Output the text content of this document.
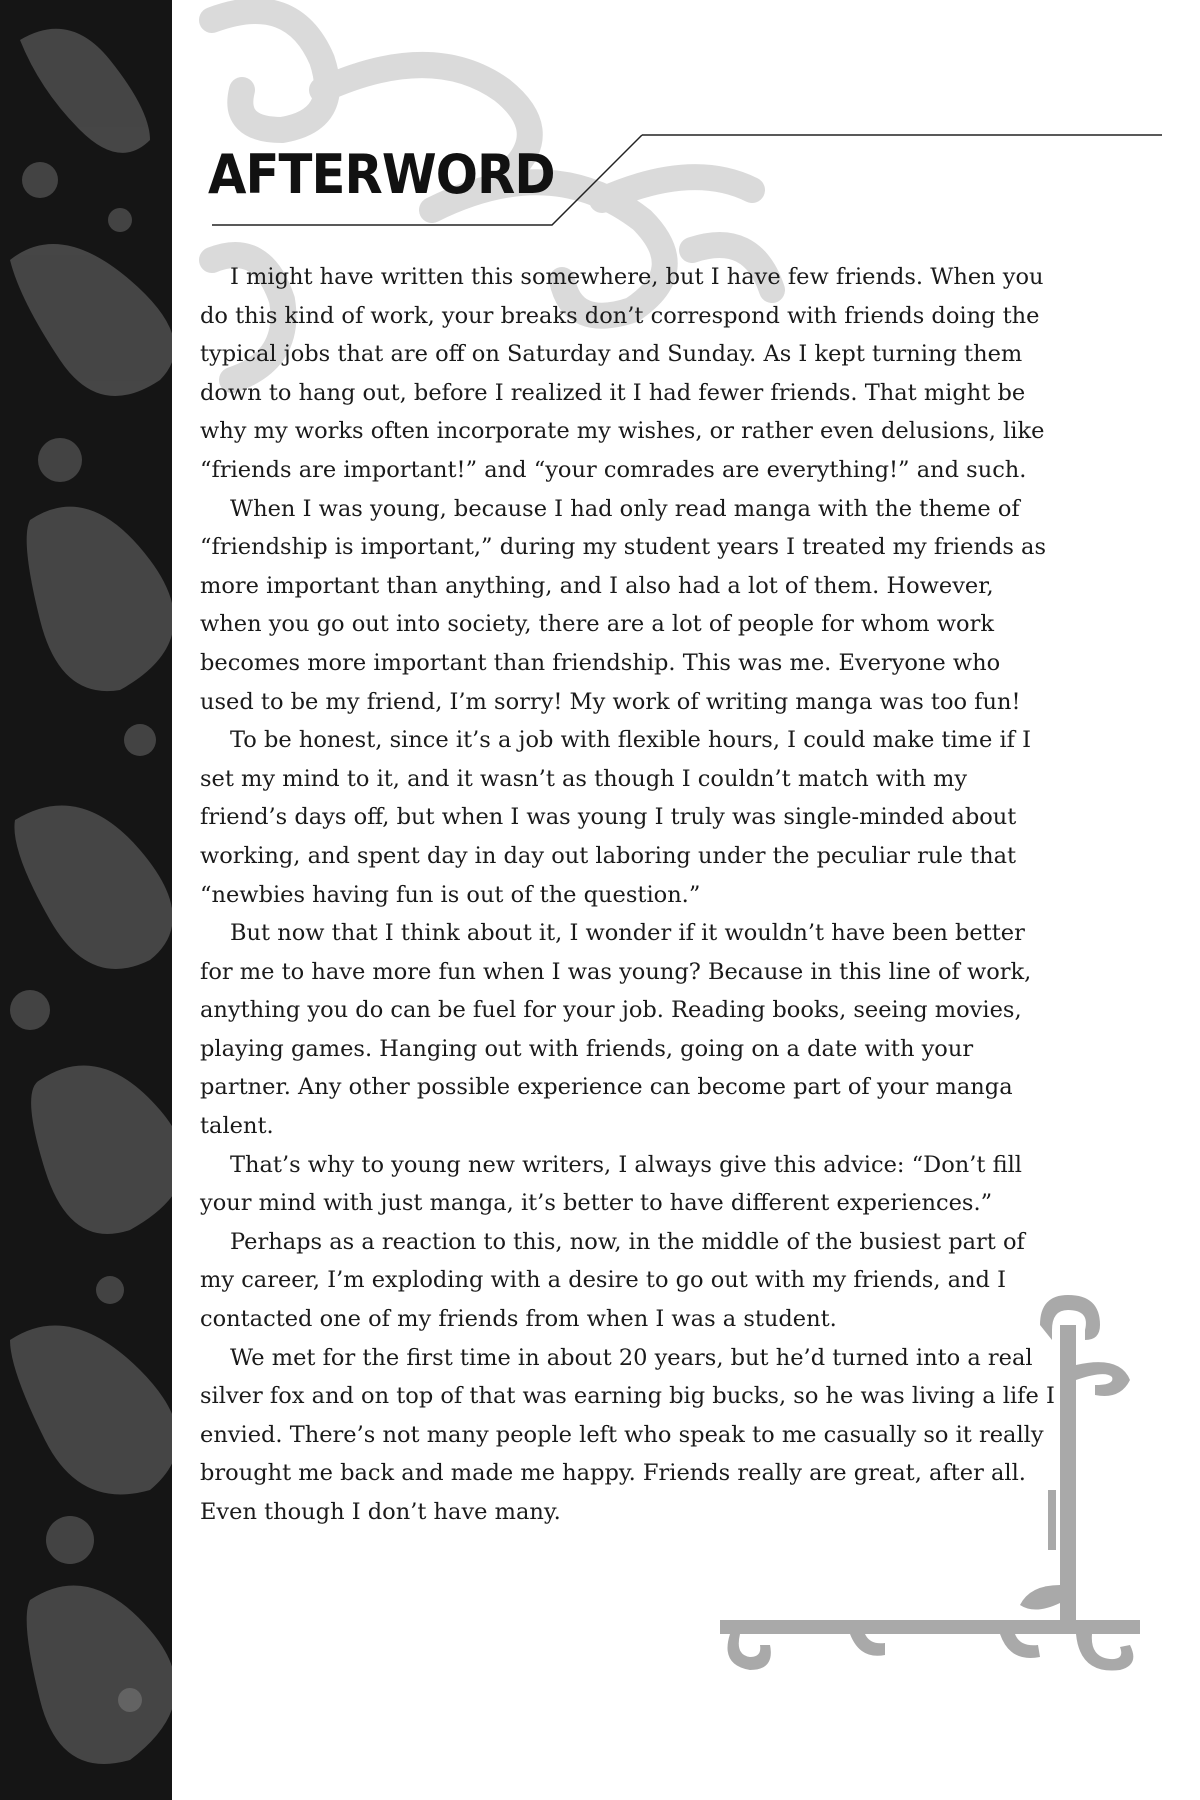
AFTERWORD

I might have written this somewhere, but I have few friends. When you do this kind of work, your breaks don’t correspond with friends doing the typical jobs that are off on Saturday and Sunday. As I kept turning them down to hang out, before I realized it I had fewer friends. That might be why my works often incorporate my wishes, or rather even delusions, like “friends are important!” and “your comrades are everything!” and such.

When I was young, because I had only read manga with the theme of “friendship is important,” during my student years I treated my friends as more important than anything, and I also had a lot of them. However, when you go out into society, there are a lot of people for whom work becomes more important than friendship. This was me. Everyone who used to be my friend, I’m sorry! My work of writing manga was too fun!

To be honest, since it’s a job with flexible hours, I could make time if I set my mind to it, and it wasn’t as though I couldn’t match with my friend’s days off, but when I was young I truly was single-minded about working, and spent day in day out laboring under the peculiar rule that “newbies having fun is out of the question.”

But now that I think about it, I wonder if it wouldn’t have been better for me to have more fun when I was young? Because in this line of work, anything you do can be fuel for your job. Reading books, seeing movies, playing games. Hanging out with friends, going on a date with your partner. Any other possible experience can become part of your manga talent.

That’s why to young new writers, I always give this advice: “Don’t fill your mind with just manga, it’s better to have different experiences.”

Perhaps as a reaction to this, now, in the middle of the busiest part of my career, I’m exploding with a desire to go out with my friends, and I contacted one of my friends from when I was a student.

We met for the first time in about 20 years, but he’d turned into a real silver fox and on top of that was earning big bucks, so he was living a life I envied. There’s not many people left who speak to me casually so it really brought me back and made me happy. Friends really are great, after all. Even though I don’t have many.
